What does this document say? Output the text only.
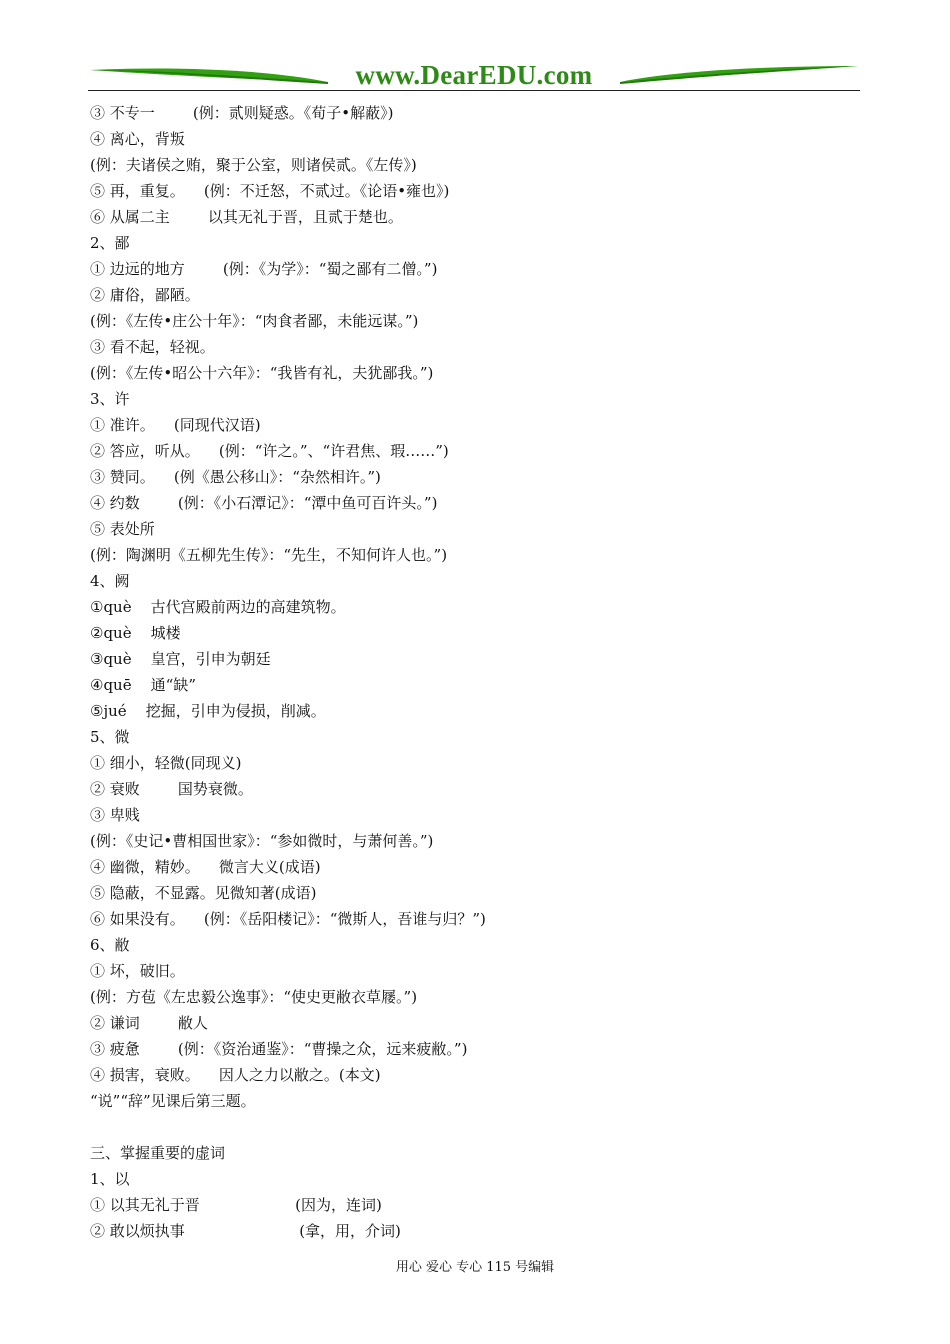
www.DearEDU.com
③ 不专一        (例：贰则疑惑。《荀子•解蔽》)
④ 离心，背叛
(例：夫诸侯之贿，聚于公室，则诸侯贰。《左传》)
⑤ 再，重复。    (例：不迁怒，不贰过。《论语•雍也》)
⑥ 从属二主        以其无礼于晋，且贰于楚也。
2、鄙
① 边远的地方        (例：《为学》：“蜀之鄙有二僧。”)
② 庸俗，鄙陋。
(例：《左传•庄公十年》：“肉食者鄙，未能远谋。”)
③ 看不起，轻视。
(例：《左传•昭公十六年》：“我皆有礼，夫犹鄙我。”)
3、许
① 准许。    (同现代汉语)
② 答应，听从。    (例：“许之。”、“许君焦、瑕……”)
③ 赞同。    (例《愚公移山》：“杂然相许。”)
④ 约数        (例：《小石潭记》：“潭中鱼可百许头。”)
⑤ 表处所
(例：陶渊明《五柳先生传》：“先生，不知何许人也。”)
4、阙
①què    古代宫殿前两边的高建筑物。
②què    城楼
③què    皇宫，引申为朝廷
④quē    通“缺”
⑤jué    挖掘，引申为侵损，削减。
5、微
① 细小，轻微(同现义)
② 衰败        国势衰微。
③ 卑贱
(例：《史记•曹相国世家》：“参如微时，与萧何善。”)
④ 幽微，精妙。    微言大义(成语)
⑤ 隐蔽，不显露。见微知著(成语)
⑥ 如果没有。    (例：《岳阳楼记》：“微斯人，吾谁与归？”)
6、敝
① 坏，破旧。
(例：方苞《左忠毅公逸事》：“使史更敝衣草屦。”)
② 谦词        敝人
③ 疲惫        (例：《资治通鉴》：“曹操之众，远来疲敝。”)
④ 损害，衰败。    因人之力以敝之。(本文)
“说”“辞”见课后第三题。
三、掌握重要的虚词
1、以
① 以其无礼于晋                    (因为，连词)
② 敢以烦执事                        (拿，用，介词)
用心 爱心 专心 115 号编辑
